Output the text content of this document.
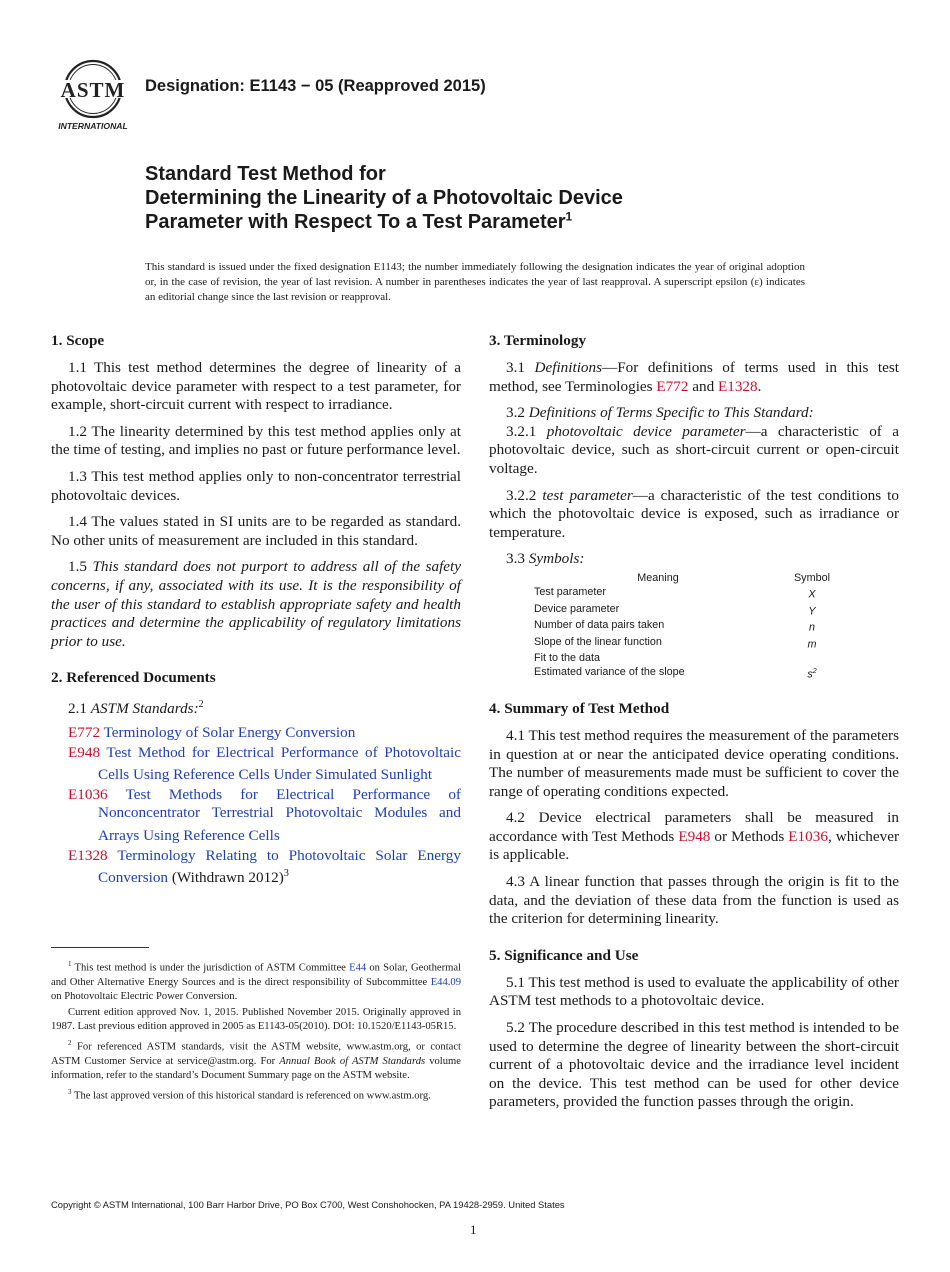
ASTM
INTERNATIONAL
Designation: E1143 − 05 (Reapproved 2015)
Standard Test Method for
Determining the Linearity of a Photovoltaic Device
Parameter with Respect To a Test Parameter$^1$
This standard is issued under the fixed designation E1143; the number immediately following the designation indicates the year of original adoption or, in the case of revision, the year of last revision. A number in parentheses indicates the year of last reapproval. A superscript epsilon (ε) indicates an editorial change since the last revision or reapproval.
1. Scope

1.1 This test method determines the degree of linearity of a photovoltaic device parameter with respect to a test parameter, for example, short-circuit current with respect to irradiance.

1.2 The linearity determined by this test method applies only at the time of testing, and implies no past or future performance level.

1.3 This test method applies only to non-concentrator terrestrial photovoltaic devices.

1.4 The values stated in SI units are to be regarded as standard. No other units of measurement are included in this standard.

1.5 This standard does not purport to address all of the safety concerns, if any, associated with its use. It is the responsibility of the user of this standard to establish appropriate safety and health practices and determine the applicability of regulatory limitations prior to use.

2. Referenced Documents

2.1 ASTM Standards:$^2$

E772 Terminology of Solar Energy Conversion
E948 Test Method for Electrical Performance of Photovoltaic Cells Using Reference Cells Under Simulated Sunlight
E1036 Test Methods for Electrical Performance of Nonconcentrator Terrestrial Photovoltaic Modules and Arrays Using Reference Cells
E1328 Terminology Relating to Photovoltaic Solar Energy Conversion (Withdrawn 2012)$^3$

$^1$ This test method is under the jurisdiction of ASTM Committee E44 on Solar, Geothermal and Other Alternative Energy Sources and is the direct responsibility of Subcommittee E44.09 on Photovoltaic Electric Power Conversion.

Current edition approved Nov. 1, 2015. Published November 2015. Originally approved in 1987. Last previous edition approved in 2005 as E1143-05(2010). DOI: 10.1520/E1143-05R15.

$^2$ For referenced ASTM standards, visit the ASTM website, www.astm.org, or contact ASTM Customer Service at service@astm.org. For Annual Book of ASTM Standards volume information, refer to the standard’s Document Summary page on the ASTM website.

$^3$ The last approved version of this historical standard is referenced on www.astm.org.

3. Terminology

3.1 Definitions—For definitions of terms used in this test method, see Terminologies E772 and E1328.

3.2 Definitions of Terms Specific to This Standard:

3.2.1 photovoltaic device parameter—a characteristic of a photovoltaic device, such as short-circuit current or open-circuit voltage.

3.2.2 test parameter—a characteristic of the test conditions to which the photovoltaic device is exposed, such as irradiance or temperature.

3.3 Symbols:

Meaning	Symbol
Test parameter	X
Device parameter	Y
Number of data pairs taken	n
Slope of the linear function	m
Fit to the data	
Estimated variance of the slope	$s^2$
4. Summary of Test Method

4.1 This test method requires the measurement of the parameters in question at or near the anticipated device operating conditions. The number of measurements made must be sufficient to cover the range of operating conditions expected.

4.2 Device electrical parameters shall be measured in accordance with Test Methods E948 or Methods E1036, whichever is applicable.

4.3 A linear function that passes through the origin is fit to the data, and the deviation of these data from the function is used as the criterion for determining linearity.

5. Significance and Use

5.1 This test method is used to evaluate the applicability of other ASTM test methods to a photovoltaic device.

5.2 The procedure described in this test method is intended to be used to determine the degree of linearity between the short-circuit current of a photovoltaic device and the irradiance level incident on the device. This test method can be used for other device parameters, provided the function passes through the origin.

Copyright © ASTM International, 100 Barr Harbor Drive, PO Box C700, West Conshohocken, PA 19428-2959. United States
1
